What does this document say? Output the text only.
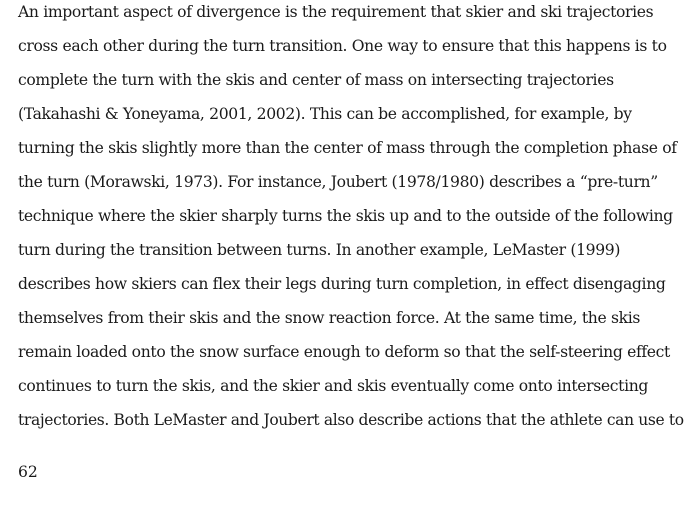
An important aspect of divergence is the requirement that skier and ski trajectories
cross each other during the turn transition. One way to ensure that this happens is to
complete the turn with the skis and center of mass on intersecting trajectories
(Takahashi & Yoneyama, 2001, 2002). This can be accomplished, for example, by
turning the skis slightly more than the center of mass through the completion phase of
the turn (Morawski, 1973). For instance, Joubert (1978/1980) describes a “pre-turn”
technique where the skier sharply turns the skis up and to the outside of the following
turn during the transition between turns. In another example, LeMaster (1999)
describes how skiers can flex their legs during turn completion, in effect disengaging
themselves from their skis and the snow reaction force. At the same time, the skis
remain loaded onto the snow surface enough to deform so that the self-steering effect
continues to turn the skis, and the skier and skis eventually come onto intersecting
trajectories. Both LeMaster and Joubert also describe actions that the athlete can use to
62
